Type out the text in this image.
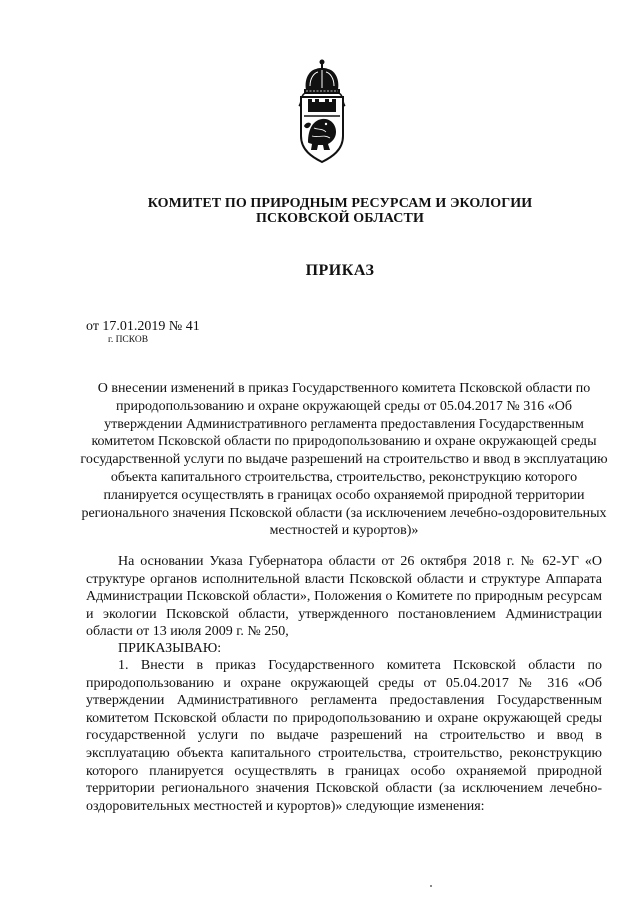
КОМИТЕТ ПО ПРИРОДНЫМ РЕСУРСАМ И ЭКОЛОГИИ
ПСКОВСКОЙ ОБЛАСТИ
ПРИКАЗ
от 17.01.2019 № 41
г. ПСКОВ
О внесении изменений в приказ Государственного комитета Псковской области по природопользованию и охране окружающей среды от 05.04.2017 № 316 «Об утверждении Административного регламента предоставления Государственным комитетом Псковской области по природопользованию и охране окружающей среды государственной услуги по выдаче разрешений на строительство и ввод в эксплуатацию объекта капитального строительства, строительство, реконструкцию которого планируется осуществлять в границах особо охраняемой природной территории регионального значения Псковской области (за исключением лечебно-оздоровительных местностей и курортов)»
На основании Указа Губернатора области от 26 октября 2018 г. № 62-УГ «О структуре органов исполнительной власти Псковской области и структуре Аппарата Администрации Псковской области», Положения о Комитете по природным ресурсам и экологии Псковской области, утвержденного постановлением Администрации области от 13 июля 2009 г. № 250,
ПРИКАЗЫВАЮ:
1. Внести в приказ Государственного комитета Псковской области по природопользованию и охране окружающей среды от 05.04.2017 № 316 «Об утверждении Административного регламента предоставления Государственным комитетом Псковской области по природопользованию и охране окружающей среды государственной услуги по выдаче разрешений на строительство и ввод в эксплуатацию объекта капитального строительства, строительство, реконструкцию которого планируется осуществлять в границах особо охраняемой природной территории регионального значения Псковской области (за исключением лечебно-оздоровительных местностей и курортов)» следующие изменения:
